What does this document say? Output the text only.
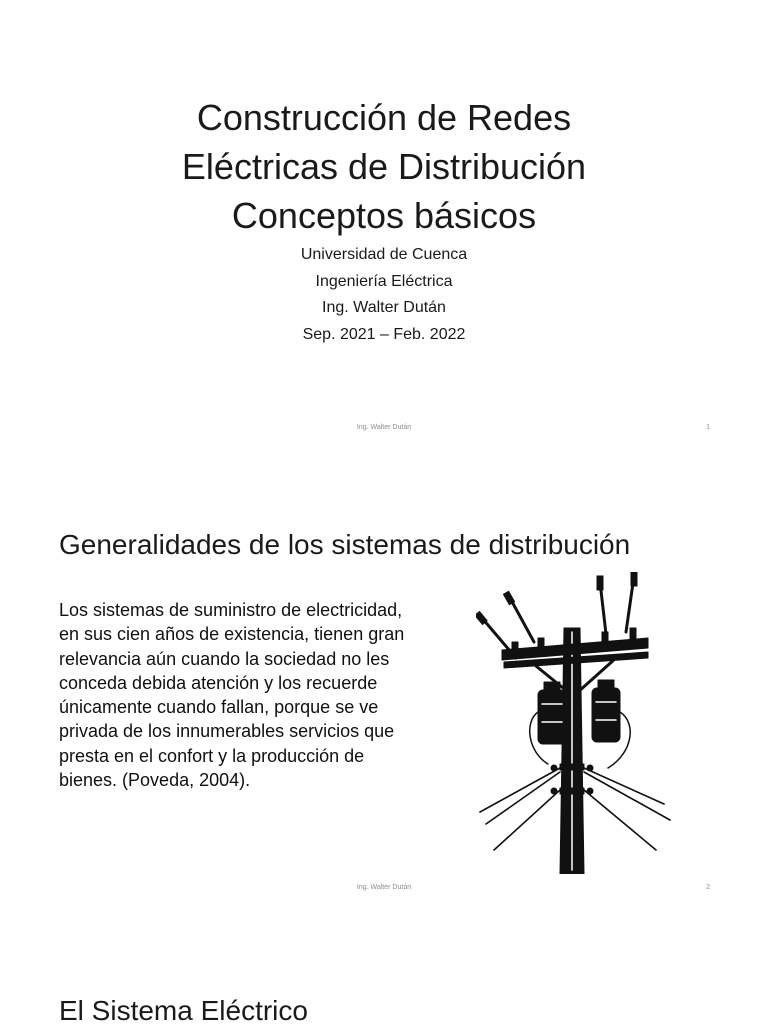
Construcción de Redes
Eléctricas de Distribución
Conceptos básicos
Universidad de Cuenca
Ingeniería Eléctrica
Ing. Walter Dután
Sep. 2021 – Feb. 2022
Ing. Walter Dután	1
Generalidades de los sistemas de distribución
Los sistemas de suministro de electricidad,
en sus cien años de existencia, tienen gran
relevancia aún cuando la sociedad no les
conceda debida atención y los recuerde
únicamente cuando fallan, porque se ve
privada de los innumerables servicios que
presta en el confort y la producción de
bienes. (Poveda, 2004).
Ing. Walter Dután	2
El Sistema Eléctrico
